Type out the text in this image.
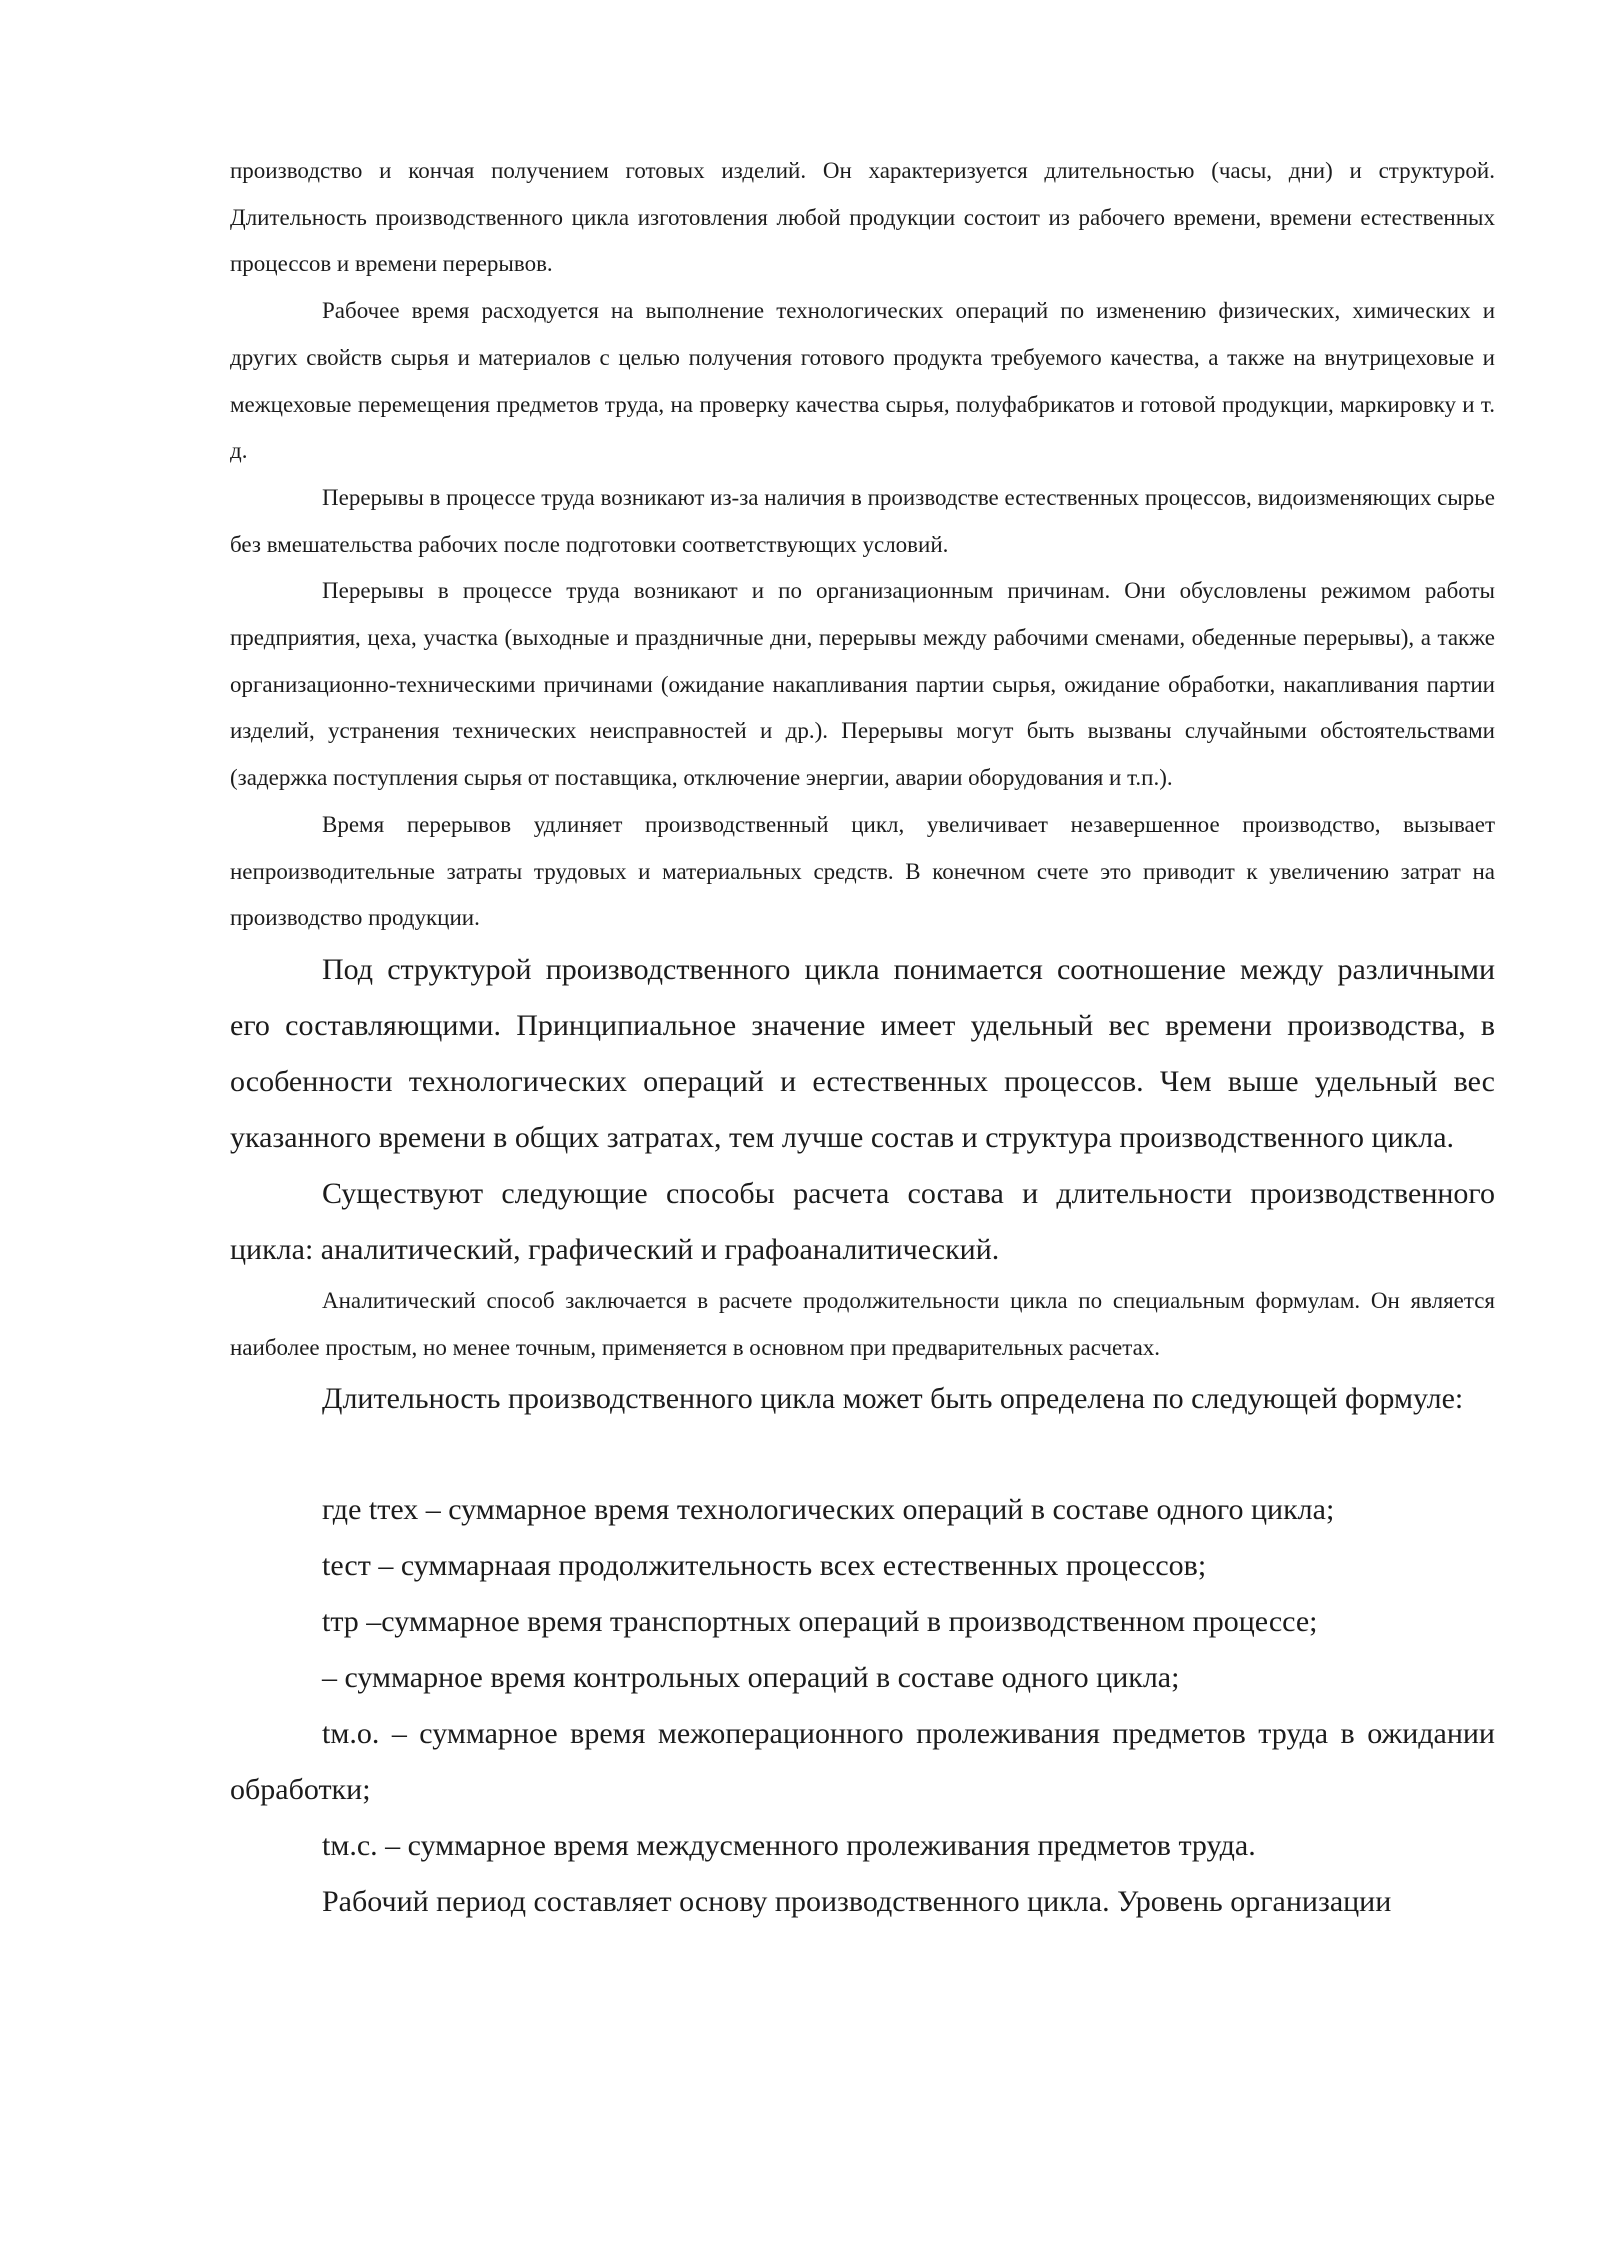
производство и кончая получением готовых изделий. Он характеризуется длительностью (часы, дни) и структурой. Длительность производственного цикла изготовления любой продукции состоит из рабочего времени, времени естественных процессов и времени перерывов.

Рабочее время расходуется на выполнение технологических операций по изменению физических, химических и других свойств сырья и материалов с целью получения готового продукта требуемого качества, а также на внутрицеховые и межцеховые перемещения предметов труда, на проверку качества сырья, полуфабрикатов и готовой продукции, маркировку и т. д.

Перерывы в процессе труда возникают из-за наличия в производстве естественных процессов, видоизменяющих сырье без вмешательства рабочих после подготовки соответствующих условий.

Перерывы в процессе труда возникают и по организационным причинам. Они обусловлены режимом работы предприятия, цеха, участка (выходные и праздничные дни, перерывы между рабочими сменами, обеденные перерывы), а также организационно-техническими причинами (ожидание накапливания партии сырья, ожидание обработки, накапливания партии изделий, устранения технических неисправностей и др.). Перерывы могут быть вызваны случайными обстоятельствами (задержка поступления сырья от поставщика, отключение энергии, аварии оборудования и т.п.).

Время перерывов удлиняет производственный цикл, увеличивает незавершенное производство, вызывает непроизводительные затраты трудовых и материальных средств. В конечном счете это приводит к увеличению затрат на производство продукции.

Под структурой производственного цикла понимается соотношение между различными его составляющими. Принципиальное значение имеет удельный вес времени производства, в особенности технологических операций и естественных процессов. Чем выше удельный вес указанного времени в общих затратах, тем лучше состав и структура производственного цикла.

Существуют следующие способы расчета состава и длительности производственного цикла: аналитический, графический и графоаналитический.

Аналитический способ заключается в расчете продолжительности цикла по специальным формулам. Он является наиболее простым, но менее точным, применяется в основном при предварительных расчетах.

Длительность производственного цикла может быть определена по следующей формуле:

где tтех – суммарное время технологических операций в составе одного цикла;

tест – суммарнаая продолжительность всех естественных процессов;

tтр –суммарное время транспортных операций в производственном процессе;

– суммарное время контрольных операций в составе одного цикла;

tм.о. – суммарное время межоперационного пролеживания предметов труда в ожидании обработки;

tм.с. – суммарное время междусменного пролеживания предметов труда.

Рабочий период составляет основу производственного цикла. Уровень организации
